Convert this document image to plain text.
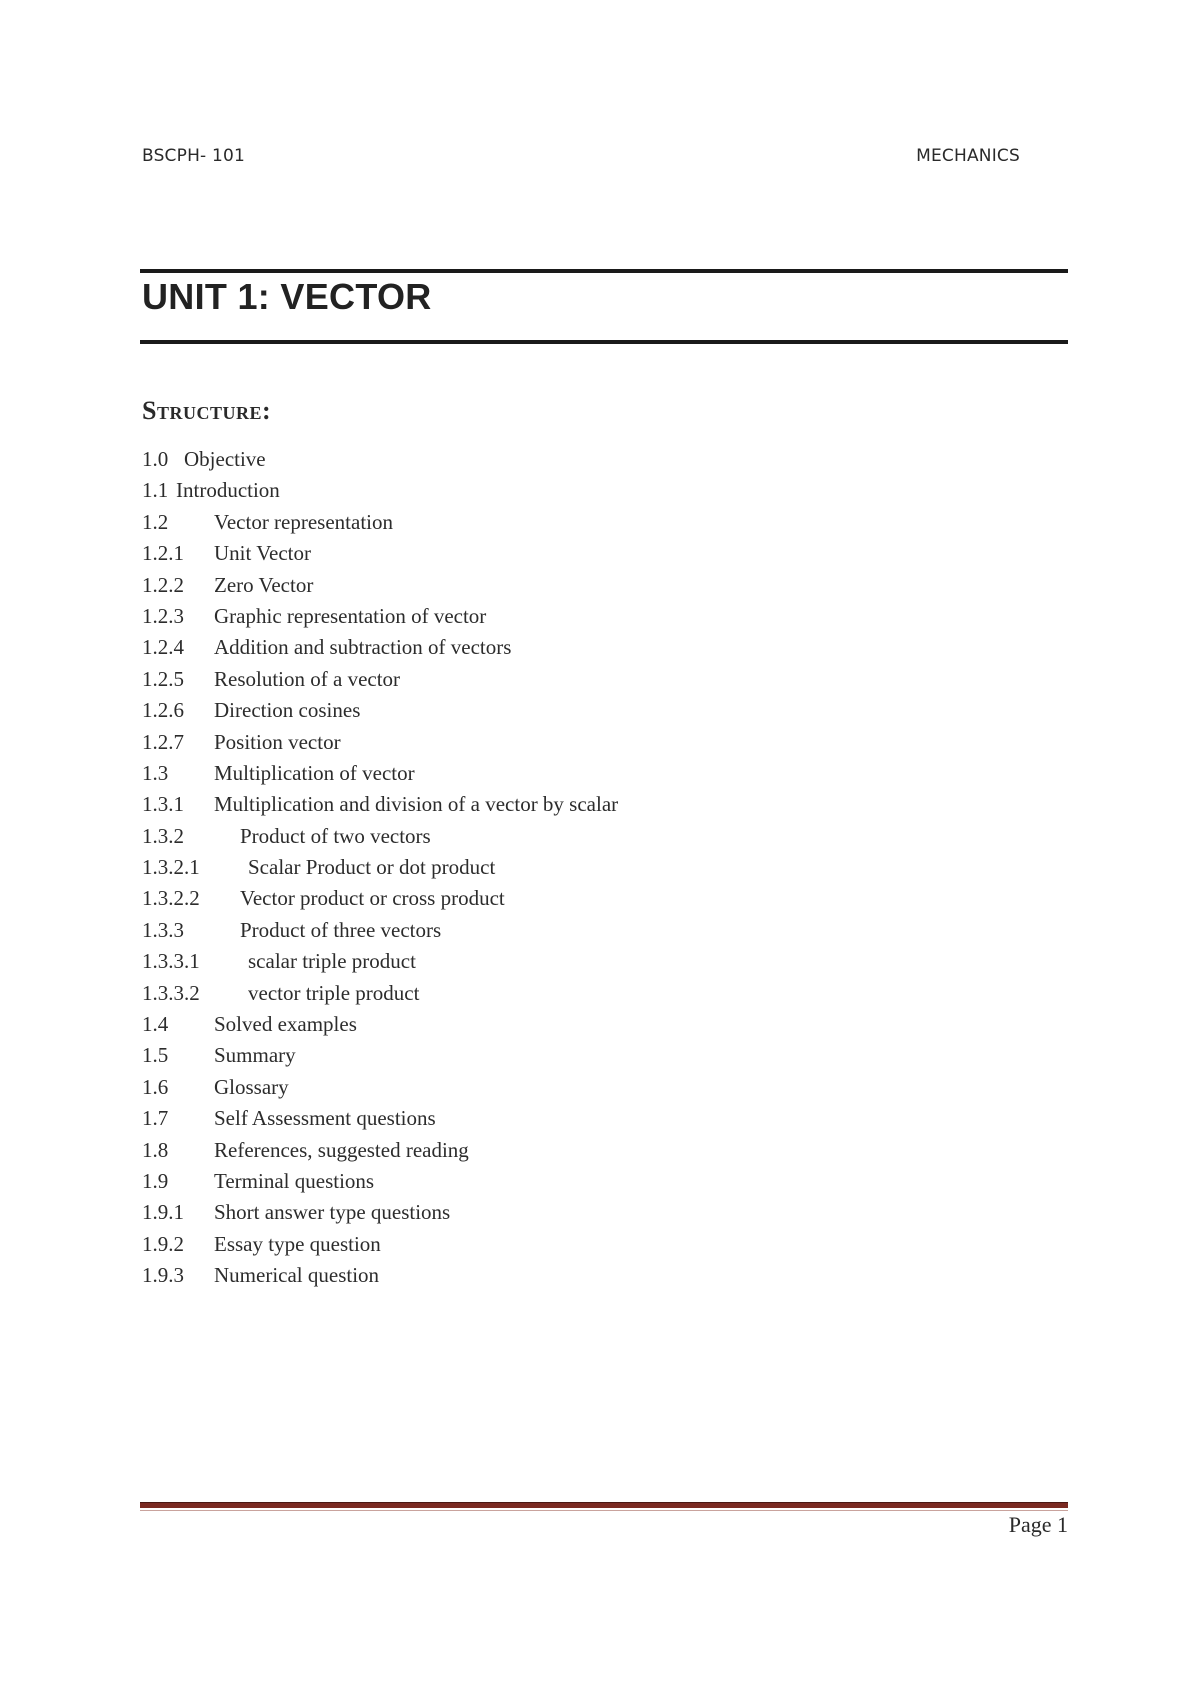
BSCPH- 101	MECHANICS
UNIT 1: VECTOR
Structure:
1.0 Objective
1.1 Introduction
1.2 Vector representation
1.2.1 Unit Vector
1.2.2 Zero Vector
1.2.3 Graphic representation of vector
1.2.4 Addition and subtraction of vectors
1.2.5 Resolution of a vector
1.2.6 Direction cosines
1.2.7 Position vector
1.3 Multiplication of vector
1.3.1 Multiplication and division of a vector by scalar
1.3.2	Product of two vectors
1.3.2.1 Scalar Product or dot product
1.3.2.2 Vector product or cross product
1.3.3	Product of three vectors
1.3.3.1 scalar triple product
1.3.3.2 vector triple product
1.4 Solved examples
1.5 Summary
1.6 Glossary
1.7 Self Assessment questions
1.8 References, suggested reading
1.9 Terminal questions
1.9.1 Short answer type questions
1.9.2 Essay type question
1.9.3 Numerical question
Page 1
